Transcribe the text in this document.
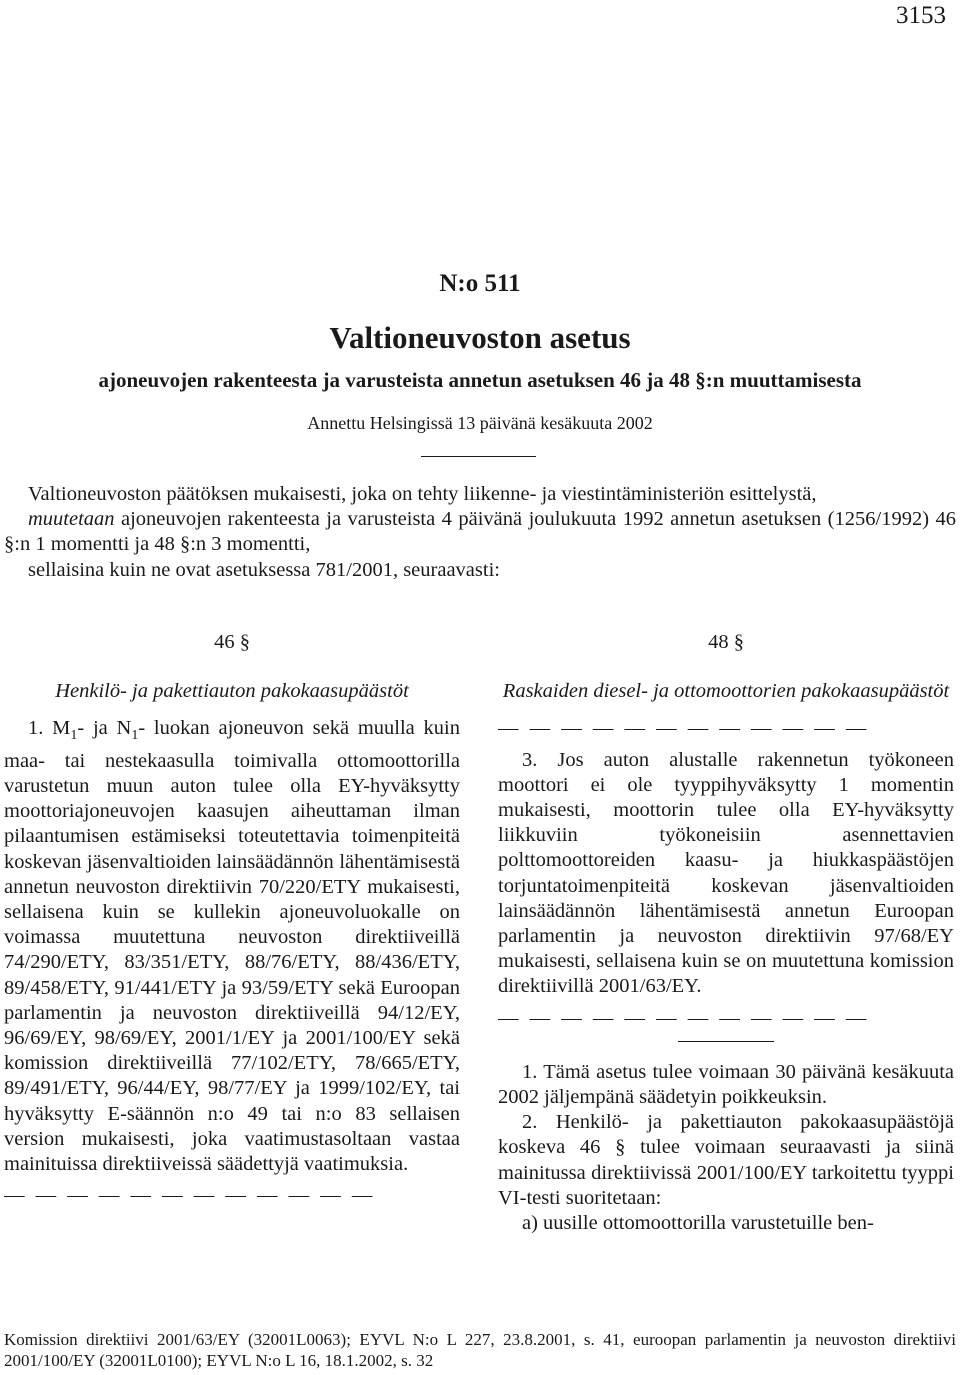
3153
N:o 511
Valtioneuvoston asetus
ajoneuvojen rakenteesta ja varusteista annetun asetuksen 46 ja 48 §:n muuttamisesta
Annettu Helsingissä 13 päivänä kesäkuuta 2002

Valtioneuvoston päätöksen mukaisesti, joka on tehty liikenne- ja viestintäministeriön esittelystä,

muutetaan ajoneuvojen rakenteesta ja varusteista 4 päivänä joulukuuta 1992 annetun asetuksen (1256/1992) 46 §:n 1 momentti ja 48 §:n 3 momentti,

sellaisina kuin ne ovat asetuksessa 781/2001, seuraavasti:

46 §
Henkilö- ja pakettiauton pakokaasupäästöt

1. $M_1-$ ja $N_1-$ luokan ajoneuvon sekä muulla kuin maa- tai nestekaasulla toimivalla ottomoottorilla varustetun muun auton tulee olla EY-hyväksytty moottoriajoneuvojen kaasujen aiheuttaman ilman pilaantumisen estämiseksi toteutettavia toimenpiteitä koskevan jäsenvaltioiden lainsäädännön lähentämisestä annetun neuvoston direktiivin 70/220/ETY mukaisesti, sellaisena kuin se kullekin ajoneuvoluokalle on voimassa muutettuna neuvoston direktiiveillä 74/290/ETY, 83/351/ETY, 88/76/ETY, 88/436/ETY, 89/458/ETY, 91/441/ETY ja 93/59/ETY sekä Euroopan parlamentin ja neuvoston direktiiveillä 94/12/EY, 96/69/EY, 98/69/EY, 2001/1/EY ja 2001/100/EY sekä komission direktiiveillä 77/102/ETY, 78/665/ETY, 89/491/ETY, 96/44/EY, 98/77/EY ja 1999/102/EY, tai hyväksytty E-säännön n:o 49 tai n:o 83 sellaisen version mukaisesti, joka vaatimustasoltaan vastaa mainituissa direktiiveissä säädettyjä vaatimuksia.

— — — — — — — — — — — —
48 §
Raskaiden diesel- ja ottomoottorien pakokaasupäästöt
— — — — — — — — — — — —

3. Jos auton alustalle rakennetun työkoneen moottori ei ole tyyppihyväksytty 1 momentin mukaisesti, moottorin tulee olla EY-hyväksytty liikkuviin työkoneisiin asennettavien polttomoottoreiden kaasu- ja hiukkaspäästöjen torjuntatoimenpiteitä koskevan jäsenvaltioiden lainsäädännön lähentämisestä annetun Euroopan parlamentin ja neuvoston direktiivin 97/68/EY mukaisesti, sellaisena kuin se on muutettuna komission direktiivillä 2001/63/EY.

— — — — — — — — — — — —

1. Tämä asetus tulee voimaan 30 päivänä kesäkuuta 2002 jäljempänä säädetyin poikkeuksin.

2. Henkilö- ja pakettiauton pakokaasupäästöjä koskeva 46 § tulee voimaan seuraavasti ja siinä mainitussa direktiivissä 2001/100/EY tarkoitettu tyyppi VI-testi suoritetaan:

a) uusille ottomoottorilla varustetuille ben-

Komission direktiivi 2001/63/EY (32001L0063); EYVL N:o L 227, 23.8.2001, s. 41, euroopan parlamentin ja neuvoston direktiivi 2001/100/EY (32001L0100); EYVL N:o L 16, 18.1.2002, s. 32
